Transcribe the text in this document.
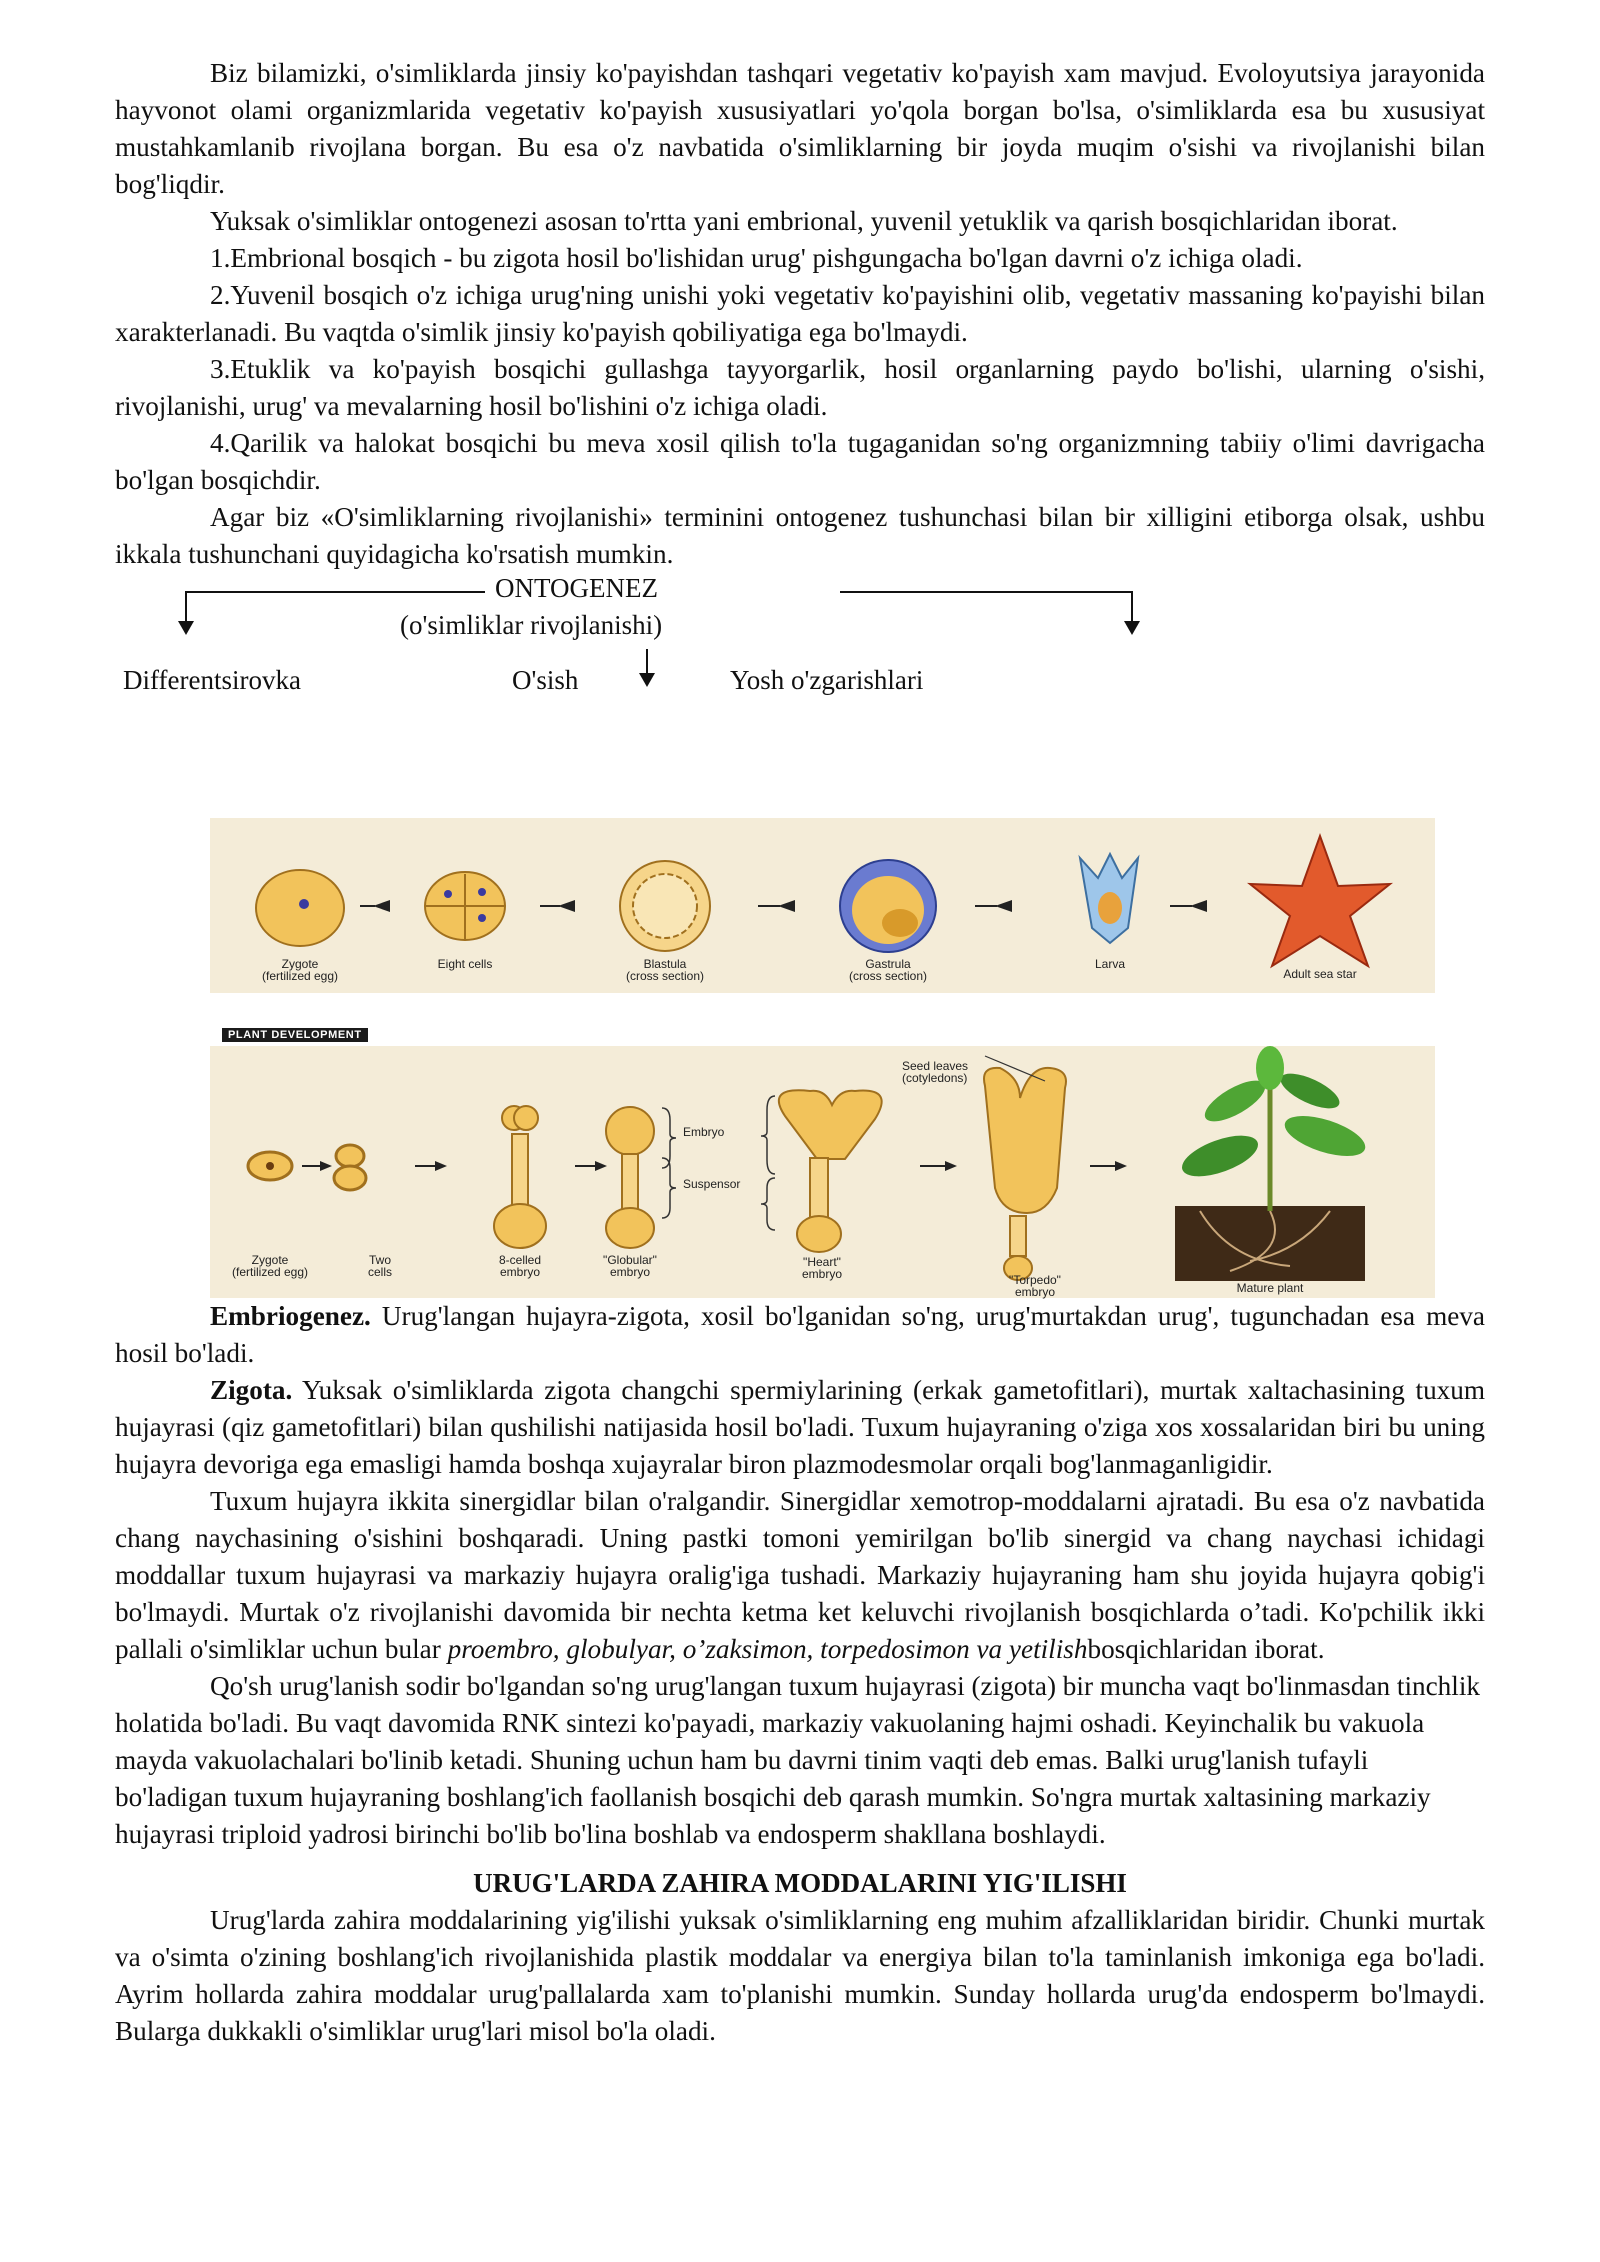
Biz bilamizki, o'simliklarda jinsiy ko'payishdan tashqari vegetativ ko'payish xam mavjud. Evoloyutsiya jarayonida hayvonot olami organizmlarida vegetativ ko'payish xususiyatlari yo'qola borgan bo'lsa, o'simliklarda esa bu xususiyat mustahkamlanib rivojlana borgan. Bu esa o'z navbatida o'simliklarning bir joyda muqim o'sishi va rivojlanishi bilan bog'liqdir.

Yuksak o'simliklar ontogenezi asosan to'rtta yani embrional, yuvenil yetuklik va qarish bosqichlaridan iborat.

1.Embrional bosqich - bu zigota hosil bo'lishidan urug' pishgungacha bo'lgan davrni o'z ichiga oladi.

2.Yuvenil bosqich o'z ichiga urug'ning unishi yoki vegetativ ko'payishini olib, vegetativ massaning ko'payishi bilan xarakterlanadi. Bu vaqtda o'simlik jinsiy ko'payish qobiliyatiga ega bo'lmaydi.

3.Etuklik va ko'payish bosqichi gullashga tayyorgarlik, hosil organlarning paydo bo'lishi, ularning o'sishi, rivojlanishi, urug' va mevalarning hosil bo'lishini o'z ichiga oladi.

4.Qarilik va halokat bosqichi bu meva xosil qilish to'la tugaganidan so'ng organizmning tabiiy o'limi davrigacha bo'lgan bosqichdir.

Agar biz «O'simliklarning rivojlanishi» terminini ontogenez tushunchasi bilan bir xilligini etiborga olsak, ushbu ikkala tushunchani quyidagicha ko'rsatish mumkin.

ONTOGENEZ
(o'simliklar rivojlanishi)
Differentsirovka	O'sish	Yosh o'zgarishlari
Zygote
(fertilized egg)
Eight cells	Blastula
(cross section)
Gastrula
(cross section)
Larva
Adult sea star
PLANT DEVELOPMENT
Zygote
(fertilized egg)
Two
cells
8-celled
embryo
"Globular"
embryo
"Heart"
embryo	"Torpedo"
embryo	Mature plant
Embryo
Suspensor
Seed leaves
(cotyledons)

Embriogenez. Urug'langan hujayra-zigota, xosil bo'lganidan so'ng, urug'murtakdan urug', tugunchadan esa meva hosil bo'ladi.

Zigota. Yuksak o'simliklarda zigota changchi spermiylarining (erkak gametofitlari), murtak xaltachasining tuxum hujayrasi (qiz gametofitlari) bilan qushilishi natijasida hosil bo'ladi. Tuxum hujayraning o'ziga xos xossalaridan biri bu uning hujayra devoriga ega emasligi hamda boshqa xujayralar biron plazmodesmolar orqali bog'lanmaganligidir.

Tuxum hujayra ikkita sinergidlar bilan o'ralgandir. Sinergidlar xemotrop-moddalarni ajratadi. Bu esa o'z navbatida chang naychasining o'sishini boshqaradi. Uning pastki tomoni yemirilgan bo'lib sinergid va chang naychasi ichidagi moddallar tuxum hujayrasi va markaziy hujayra oralig'iga tushadi. Markaziy hujayraning ham shu joyida hujayra qobig'i bo'lmaydi. Murtak o'z rivojlanishi davomida bir nechta ketma ket keluvchi rivojlanish bosqichlarda o’tadi. Ko'pchilik ikki pallali o'simliklar uchun bular proembro, globulyar, o’zaksimon, torpedosimon va yetilishbosqichlaridan iborat.

Qo'sh urug'lanish sodir bo'lgandan so'ng urug'langan tuxum hujayrasi (zigota) bir muncha vaqt bo'linmasdan tinchlik holatida bo'ladi. Bu vaqt davomida RNK sintezi ko'payadi, markaziy vakuolaning hajmi oshadi. Keyinchalik bu vakuola mayda vakuolachalari bo'linib ketadi. Shuning uchun ham bu davrni tinim vaqti deb emas. Balki urug'lanish tufayli bo'ladigan tuxum hujayraning boshlang'ich faollanish bosqichi deb qarash mumkin. So'ngra murtak xaltasining markaziy hujayrasi triploid yadrosi birinchi bo'lib bo'lina boshlab va endosperm shakllana boshlaydi.

URUG'LARDA ZAHIRA MODDALARINI YIG'ILISHI

Urug'larda zahira moddalarining yig'ilishi yuksak o'simliklarning eng muhim afzalliklaridan biridir. Chunki murtak va o'simta o'zining boshlang'ich rivojlanishida plastik moddalar va energiya bilan to'la taminlanish imkoniga ega bo'ladi. Ayrim hollarda zahira moddalar urug'pallalarda xam to'planishi mumkin. Sunday hollarda urug'da endosperm bo'lmaydi. Bularga dukkakli o'simliklar urug'lari misol bo'la oladi.
